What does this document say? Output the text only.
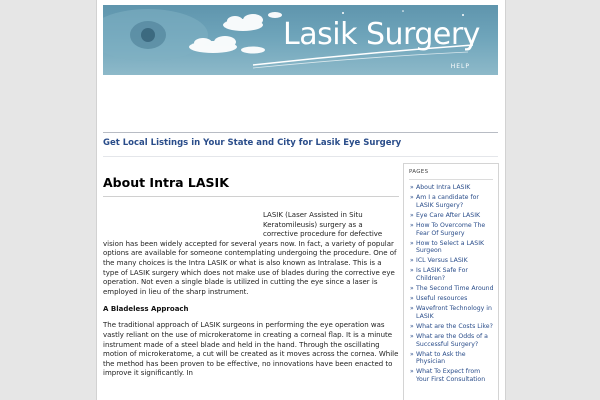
Lasik Surgery
HELP
Get Local Listings in Your State and City for Lasik Eye Surgery
About Intra LASIK

LASIK (Laser Assisted in Situ Keratomileusis) surgery as a corrective procedure for defective vision has been widely accepted for several years now. In fact, a variety of popular options are available for someone contemplating undergoing the procedure. One of the many choices is the Intra LASIK or what is also known as Intralase. This is a type of LASIK surgery which does not make use of blades during the corrective eye operation. Not even a single blade is utilized in cutting the eye since a laser is employed in lieu of the sharp instrument.

A Bladeless Approach

The traditional approach of LASIK surgeons in performing the eye operation was vastly reliant on the use of microkeratome in creating a corneal flap. It is a minute instrument made of a steel blade and held in the hand. Through the oscillating motion of microkeratome, a cut will be created as it moves across the cornea. While the method has been proven to be effective, no innovations have been enacted to improve it significantly. In

PAGES
» About Intra LASIK
» Am I a candidate for LASIK Surgery?
» Eye Care After LASIK
» How To Overcome The Fear Of Surgery
» How to Select a LASIK Surgeon
» ICL Versus LASIK
» Is LASIK Safe For Children?
» The Second Time Around
» Useful resources
» Wavefront Technology in LASIK
» What are the Costs Like?
» What are the Odds of a Successful Surgery?
» What to Ask the Physician
» What To Expect from Your First Consultation
